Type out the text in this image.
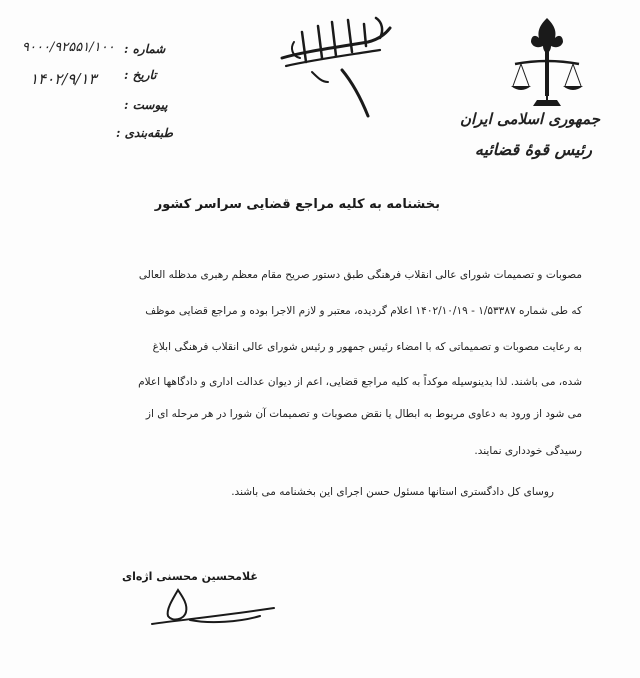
جمهوری اسلامی ایران
رئیس قوهٔ قضائیه
شماره :
۹۰۰۰/۹۲۵۵۱/۱۰۰
تاریخ :
۱۴۰۲/۹/۱۳
پیوست :
طبقه‌بندی :
بخشنامه به کلیه مراجع قضایی سراسر کشور
مصوبات و تصمیمات شورای عالی انقلاب فرهنگی طبق دستور صریح مقام معظم رهبری مدظله العالی
که طی شماره ۱/۵۳۳۸۷ - ۱۴۰۲/۱۰/۱۹ اعلام گردیده، معتبر و لازم الاجرا بوده و مراجع قضایی موظف
به رعایت مصوبات و تصمیماتی که با امضاء رئیس جمهور و رئیس شورای عالی انقلاب فرهنگی ابلاغ
شده، می باشند. لذا بدینوسیله موکداً به کلیه مراجع قضایی، اعم از دیوان عدالت اداری و دادگاهها اعلام
می شود از ورود به دعاوی مربوط به ابطال یا نقض مصوبات و تصمیمات آن شورا در هر مرحله ای از
رسیدگی خودداری نمایند.
روسای کل دادگستری استانها مسئول حسن اجرای این بخشنامه می باشند.
غلامحسین محسنی اژه‌ای
